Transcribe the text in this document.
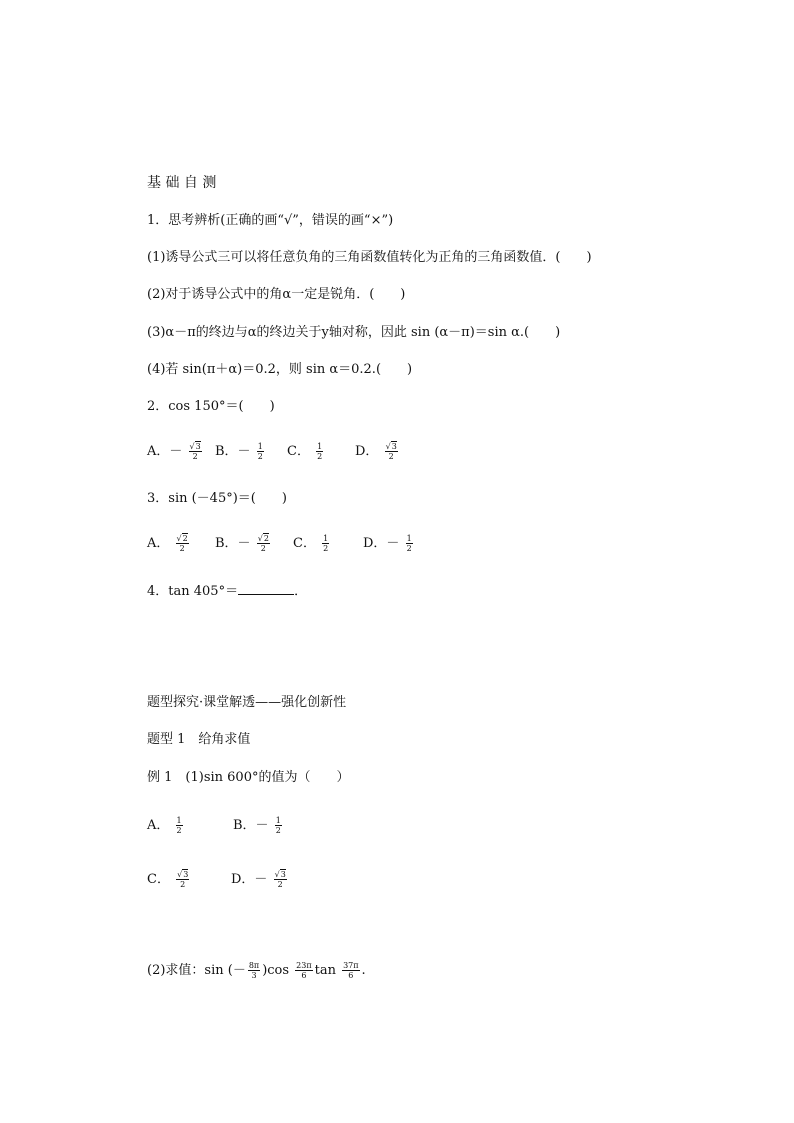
基 础 自 测
1．思考辨析(正确的画“√”，错误的画“×”)
(1)诱导公式三可以将任意负角的三角函数值转化为正角的三角函数值．(　　)
(2)对于诱导公式中的角α一定是锐角．(　　)
(3)α－π的终边与α的终边关于y轴对称，因此 sin (α－π)＝sin α.(　　)
(4)若 sin(π＋α)＝0.2，则 sin α＝0.2.(　　)
2．cos 150°＝(　　)
A．－ $\frac{√3}{2}$ B．－ $\frac{1}{2}$ C． $\frac{1}{2}$ D． $\frac{√3}{2}$
3．sin (－45°)＝(　　)
A． $\frac{√2}{2}$ B．－ $\frac{√2}{2}$ C． $\frac{1}{2}$	D．－ $\frac{1}{2}$
4．tan 405°＝	．
题型探究·课堂解透——强化创新性
题型 1　给角求值
例 1　(1)sin 600°的值为（　　）
A． $\frac{1}{2}$	B．－ $\frac{1}{2}$
C． $\frac{√3}{2}$	D．－ $\frac{√3}{2}$
(2)求值：sin (－ $\frac{8\pi}{3} )\cos \frac{23\pi}{6}$ $\tan \frac{37\pi}{6}$ .
